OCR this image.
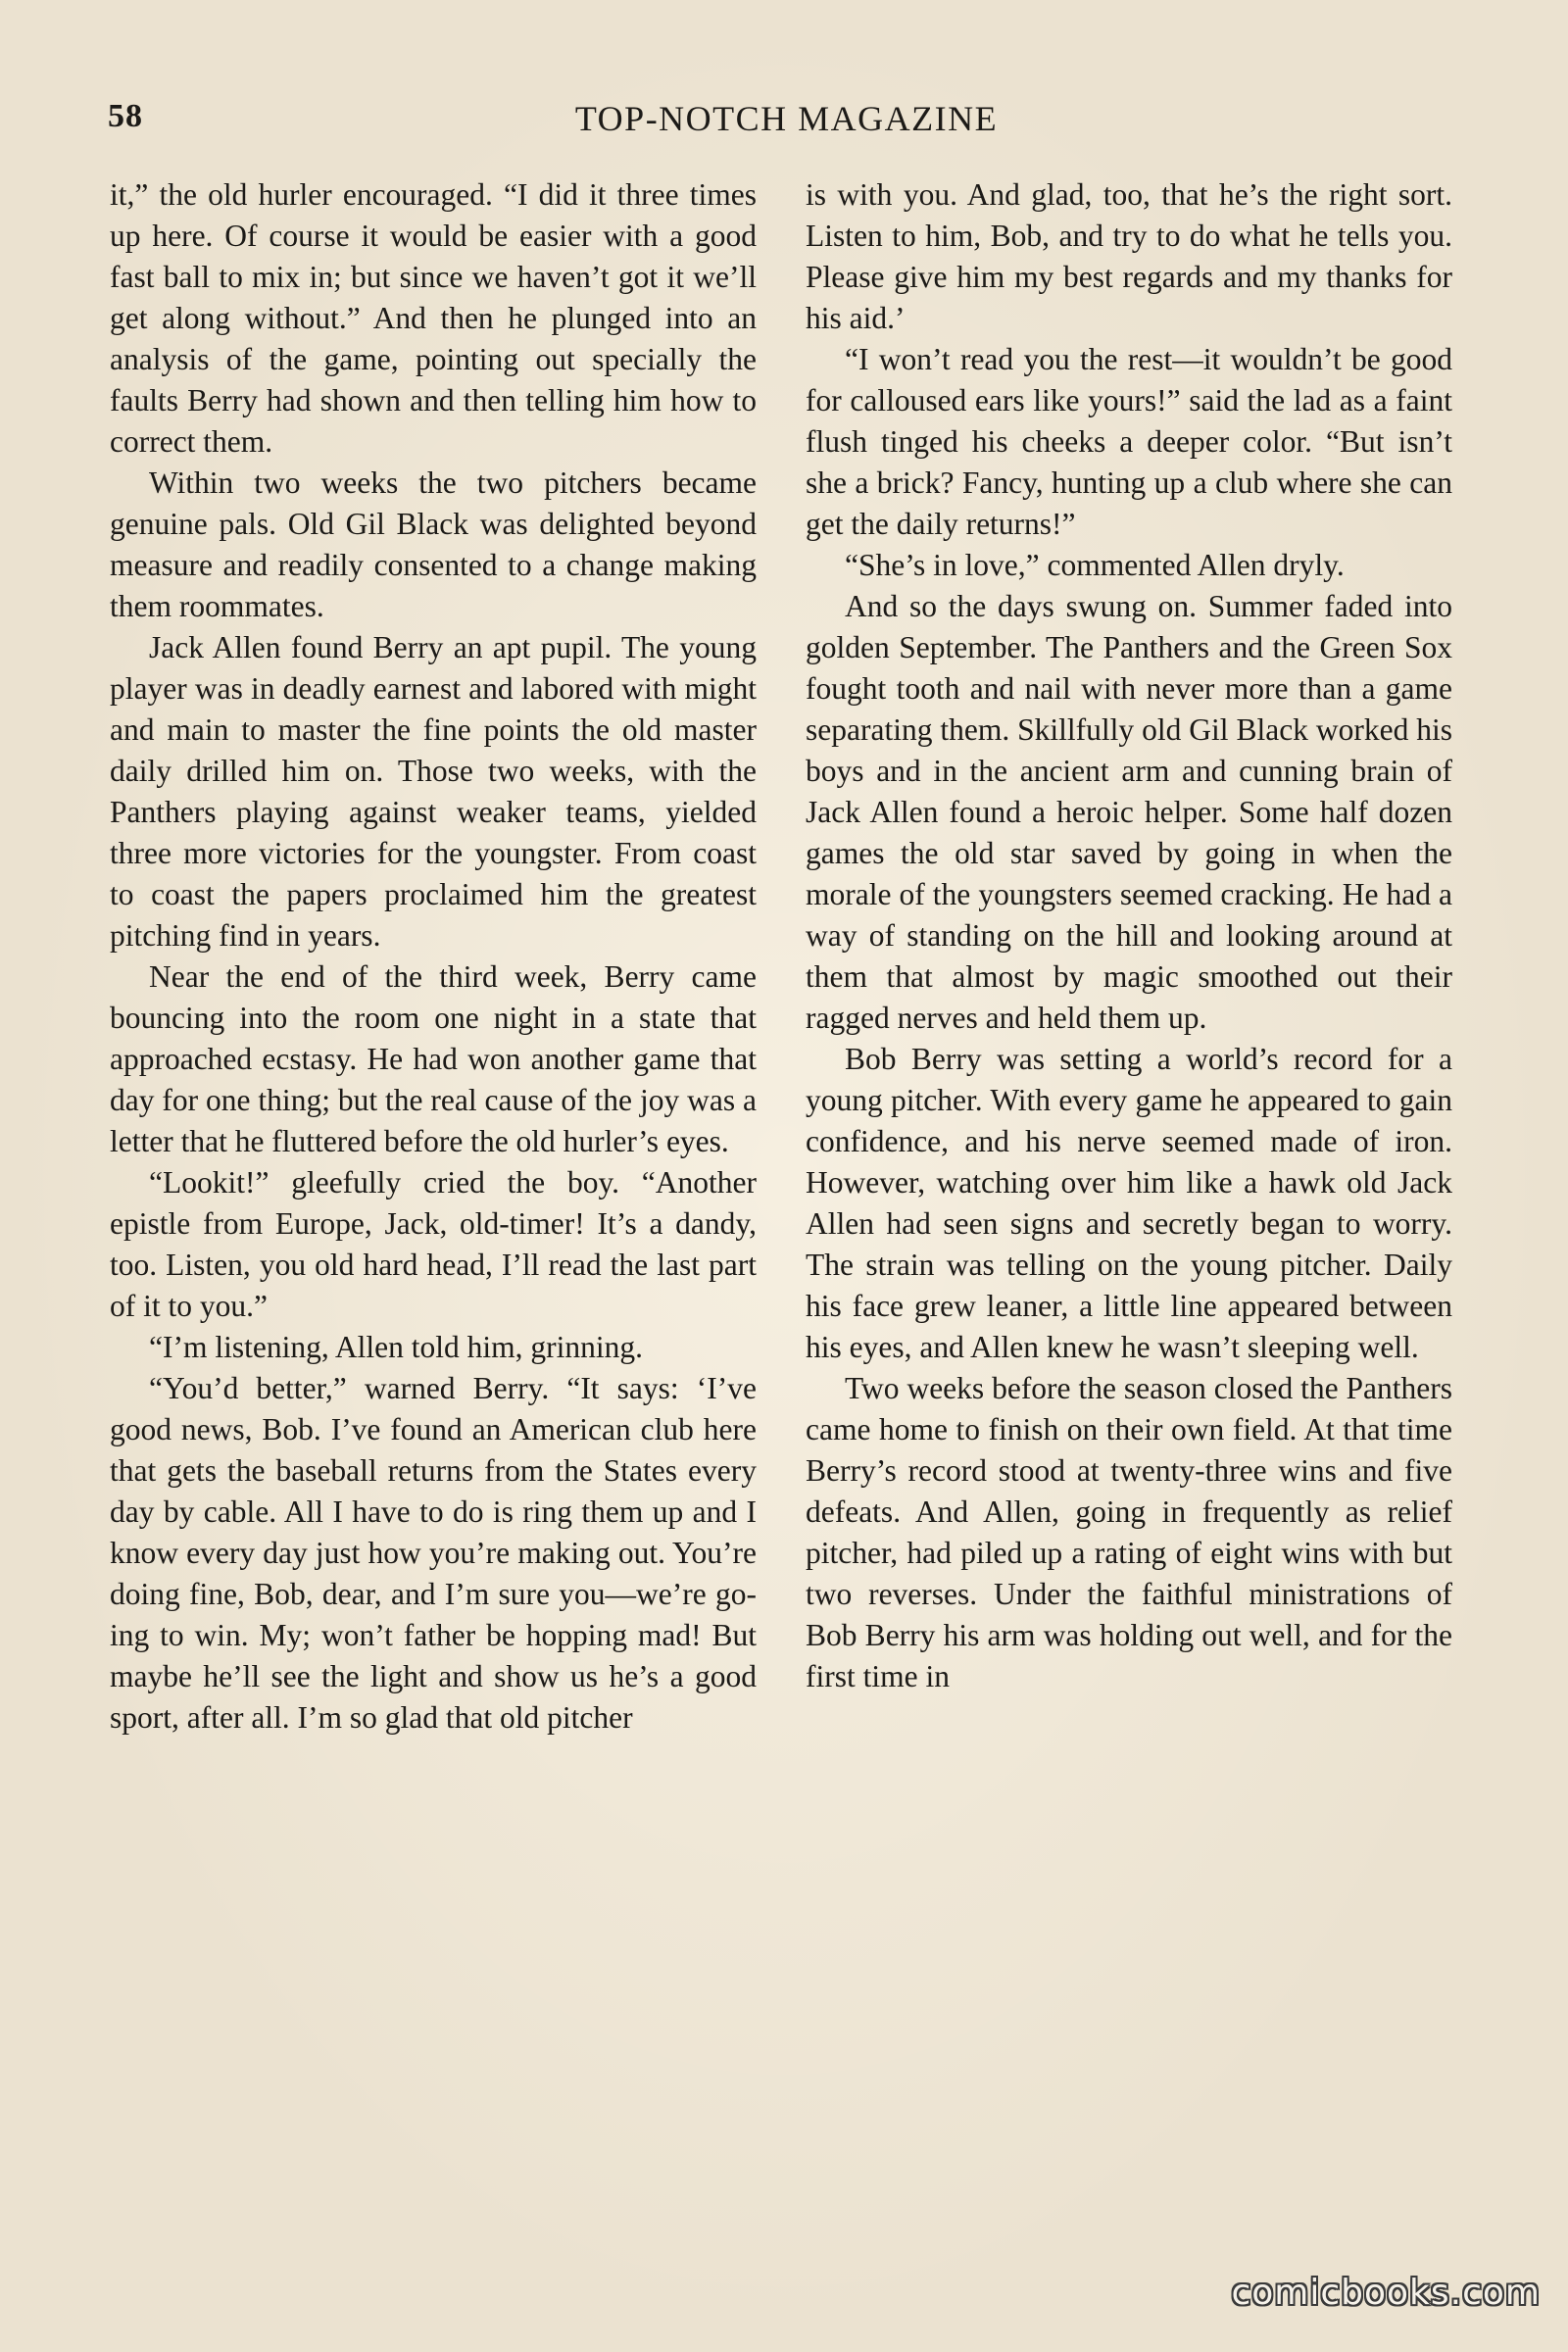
58	TOP-NOTCH MAGAZINE

it,” the old hurler encouraged. “I did it three times up here. Of course it would be easier with a good fast ball to mix in; but since we haven’t got it we’ll get along without.” And then he plunged into an analysis of the game, pointing out specially the faults Berry had shown and then telling him how to correct them.

Within two weeks the two pitchers became genuine pals. Old Gil Black was delighted beyond measure and readily consented to a change making them roommates.

Jack Allen found Berry an apt pupil. The young player was in deadly earnest and labored with might and main to master the fine points the old master daily drilled him on. Those two weeks, with the Panthers playing against weaker teams, yielded three more victories for the youngster. From coast to coast the papers proclaimed him the greatest pitching find in years.

Near the end of the third week, Berry came bouncing into the room one night in a state that approached ecstasy. He had won another game that day for one thing; but the real cause of the joy was a letter that he fluttered before the old hurler’s eyes.

“Lookit!” gleefully cried the boy. “Another epistle from Europe, Jack, old-timer! It’s a dandy, too. Listen, you old hard head, I’ll read the last part of it to you.”

“I’m listening, Allen told him, grinning.

“You’d better,” warned Berry. “It says: ‘I’ve good news, Bob. I’ve found an American club here that gets the baseball returns from the States every day by cable. All I have to do is ring them up and I know every day just how you’re making out. You’re doing fine, Bob, dear, and I’m sure you—we’re going to win. My; won’t father be hopping mad! But maybe he’ll see the light and show us he’s a good sport, after all. I’m so glad that old pitcher

is with you. And glad, too, that he’s the right sort. Listen to him, Bob, and try to do what he tells you. Please give him my best regards and my thanks for his aid.’

“I won’t read you the rest—it wouldn’t be good for calloused ears like yours!” said the lad as a faint flush tinged his cheeks a deeper color. “But isn’t she a brick? Fancy, hunting up a club where she can get the daily returns!”

“She’s in love,” commented Allen dryly.

And so the days swung on. Summer faded into golden September. The Panthers and the Green Sox fought tooth and nail with never more than a game separating them. Skillfully old Gil Black worked his boys and in the ancient arm and cunning brain of Jack Allen found a heroic helper. Some half dozen games the old star saved by going in when the morale of the youngsters seemed cracking. He had a way of standing on the hill and looking around at them that almost by magic smoothed out their ragged nerves and held them up.

Bob Berry was setting a world’s record for a young pitcher. With every game he appeared to gain confidence, and his nerve seemed made of iron. However, watching over him like a hawk old Jack Allen had seen signs and secretly began to worry. The strain was telling on the young pitcher. Daily his face grew leaner, a little line appeared between his eyes, and Allen knew he wasn’t sleeping well.

Two weeks before the season closed the Panthers came home to finish on their own field. At that time Berry’s record stood at twenty-three wins and five defeats. And Allen, going in frequently as relief pitcher, had piled up a rating of eight wins with but two reverses. Under the faithful ministrations of Bob Berry his arm was holding out well, and for the first time in

comicbooks.com
